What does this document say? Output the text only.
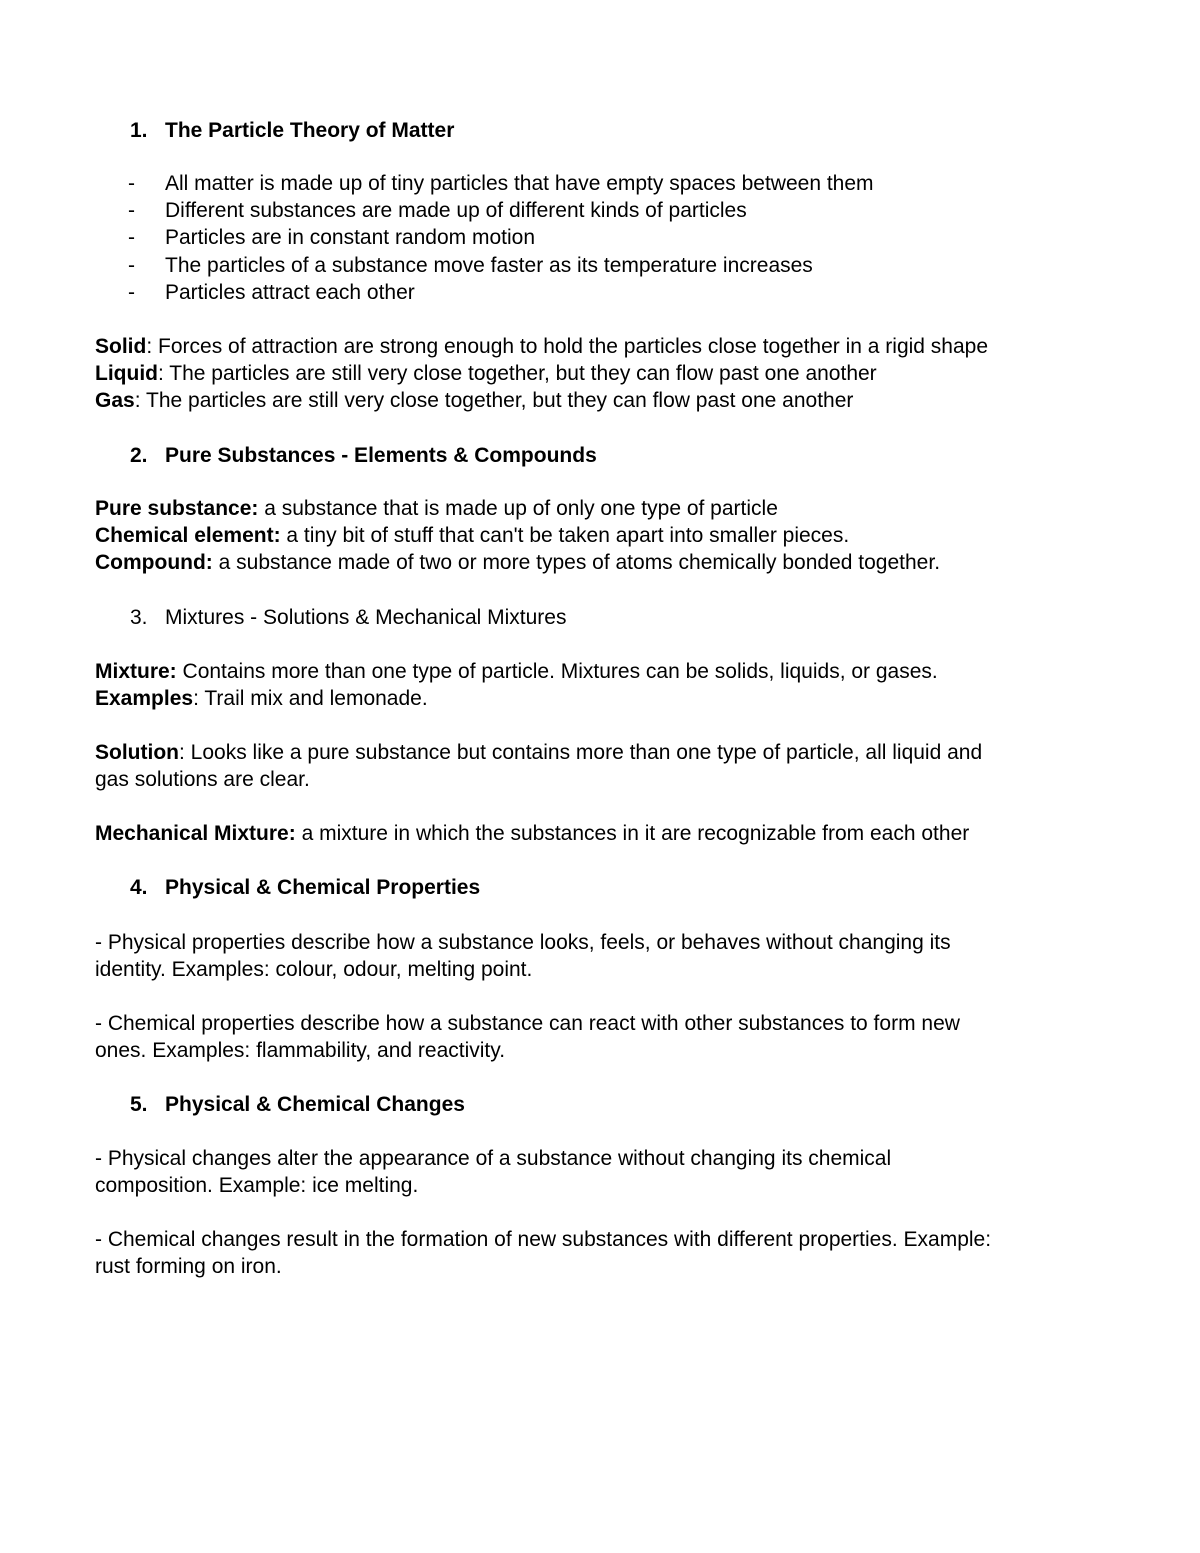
1. The Particle Theory of Matter
- All matter is made up of tiny particles that have empty spaces between them
- Different substances are made up of different kinds of particles
- Particles are in constant random motion
- The particles of a substance move faster as its temperature increases
- Particles attract each other
Solid: Forces of attraction are strong enough to hold the particles close together in a rigid shape
Liquid: The particles are still very close together, but they can flow past one another
Gas: The particles are still very close together, but they can flow past one another
2. Pure Substances - Elements & Compounds
Pure substance: a substance that is made up of only one type of particle
Chemical element: a tiny bit of stuff that can't be taken apart into smaller pieces.
Compound: a substance made of two or more types of atoms chemically bonded together.
3. Mixtures - Solutions & Mechanical Mixtures
Mixture: Contains more than one type of particle. Mixtures can be solids, liquids, or gases.
Examples: Trail mix and lemonade.
Solution: Looks like a pure substance but contains more than one type of particle, all liquid and
gas solutions are clear.
Mechanical Mixture: a mixture in which the substances in it are recognizable from each other
4. Physical & Chemical Properties
- Physical properties describe how a substance looks, feels, or behaves without changing its
identity. Examples: colour, odour, melting point.
- Chemical properties describe how a substance can react with other substances to form new
ones. Examples: flammability, and reactivity.
5. Physical & Chemical Changes
- Physical changes alter the appearance of a substance without changing its chemical
composition. Example: ice melting.
- Chemical changes result in the formation of new substances with different properties. Example:
rust forming on iron.
